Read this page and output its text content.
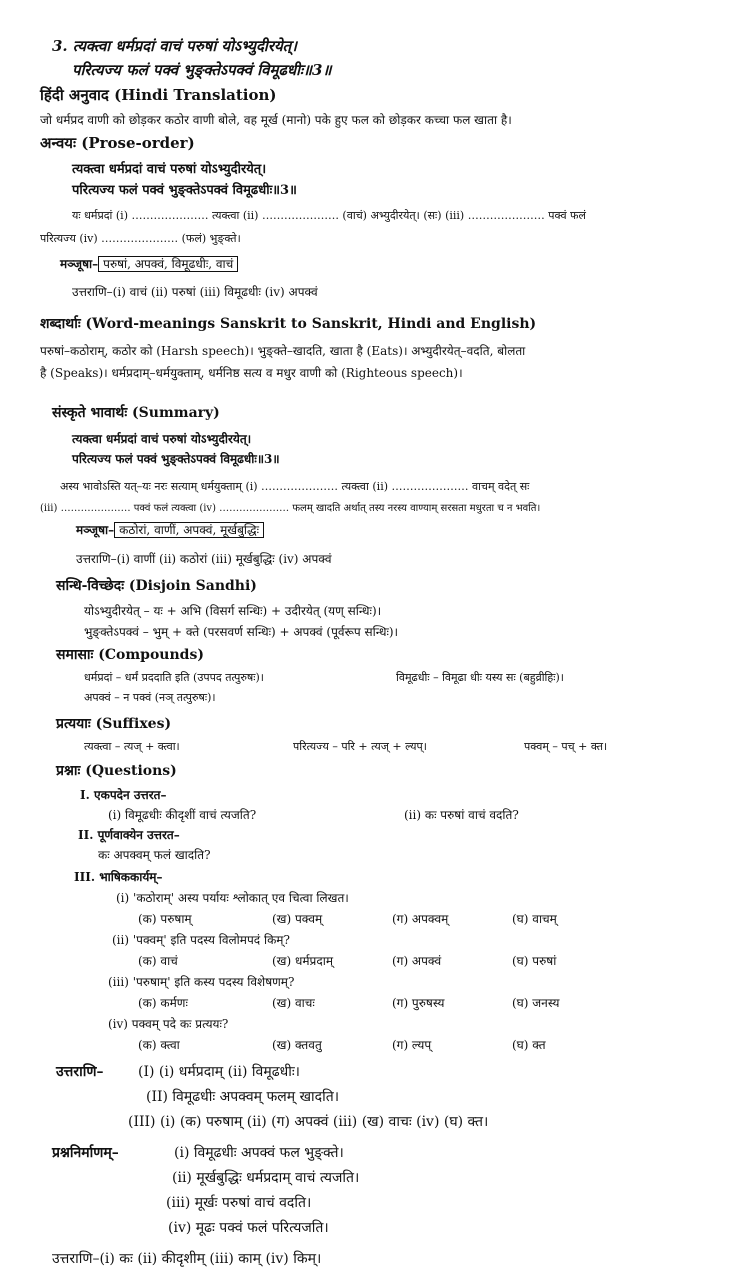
3. त्यक्त्वा धर्मप्रदां वाचं परुषां योऽभ्युदीरयेत्।
परित्यज्य फलं पक्वं भुङ्क्तेऽपक्वं विमूढधीः॥3॥
हिंदी अनुवाद (Hindi Translation)
जो धर्मप्रद वाणी को छोड़कर कठोर वाणी बोले, वह मूर्ख (मानो) पके हुए फल को छोड़कर कच्चा फल खाता है।
अन्वयः (Prose-order)
त्यक्त्वा धर्मप्रदां वाचं परुषां योऽभ्युदीरयेत्।
परित्यज्य फलं पक्वं भुङ्क्तेऽपक्वं विमूढधीः॥3॥
यः धर्मप्रदां (i) ………………… त्यक्त्वा (ii) ………………… (वाचं) अभ्युदीरयेत्। (सः) (iii) ………………… पक्वं फलं
परित्यज्य (iv) ………………… (फलं) भुङ्क्ते।
मञ्जूषा– परुषां, अपक्वं, विमूढधीः, वाचं
उत्तराणि–(i) वाचं (ii) परुषां (iii) विमूढधीः (iv) अपक्वं
शब्दार्थाः (Word-meanings Sanskrit to Sanskrit, Hindi and English)
परुषां–कठोराम्, कठोर को (Harsh speech)। भुङ्क्ते–खादति, खाता है (Eats)। अभ्युदीरयेत्–वदति, बोलता
है (Speaks)। धर्मप्रदाम्–धर्मयुक्ताम्, धर्मनिष्ठ सत्य व मधुर वाणी को (Righteous speech)।
संस्कृते भावार्थः (Summary)
त्यक्त्वा धर्मप्रदां वाचं परुषां योऽभ्युदीरयेत्।
परित्यज्य फलं पक्वं भुङ्क्तेऽपक्वं विमूढधीः॥3॥
अस्य भावोऽस्ति यत्–यः नरः सत्याम् धर्मयुक्ताम् (i) ………………… त्यक्त्वा (ii) ………………… वाचम् वदेत् सः
(iii) ………………… पक्वं फलं त्यक्त्वा (iv) ………………… फलम् खादति अर्थात् तस्य नरस्य वाण्याम् सरसता मधुरता च न भवति।
मञ्जूषा– कठोरां, वाणीं, अपक्वं, मूर्खबुद्धिः
उत्तराणि–(i) वाणीं (ii) कठोरां (iii) मूर्खबुद्धिः (iv) अपक्वं
सन्धि-विच्छेदः (Disjoin Sandhi)
योऽभ्युदीरयेत् – यः + अभि (विसर्ग सन्धिः) + उदीरयेत् (यण् सन्धिः)।
भुङ्क्तेऽपक्वं – भुम् + क्ते (परसवर्ण सन्धिः) + अपक्वं (पूर्वरूप सन्धिः)।
समासाः (Compounds)
धर्मप्रदां – धर्मं प्रददाति इति (उपपद तत्पुरुषः)।	विमूढधीः – विमूढा धीः यस्य सः (बहुव्रीहिः)।
अपक्वं – न पक्वं (नञ् तत्पुरुषः)।
प्रत्ययाः (Suffixes)
त्यक्त्वा – त्यज् + क्त्वा।	परित्यज्य – परि + त्यज् + ल्यप्।	पक्वम् – पच् + क्त।
प्रश्नाः (Questions)
I. एकपदेन उत्तरत–
(i) विमूढधीः कीदृशीं वाचं त्यजति?	(ii) कः परुषां वाचं वदति?
II. पूर्णवाक्येन उत्तरत–
कः अपक्वम् फलं खादति?
III. भाषिककार्यम्–
(i) 'कठोराम्' अस्य पर्यायः श्लोकात् एव चित्वा लिखत।
(क) परुषाम्	(ख) पक्वम्	(ग) अपक्वम्	(घ) वाचम्
(ii) 'पक्वम्' इति पदस्य विलोमपदं किम्?
(क) वाचं	(ख) धर्मप्रदाम्	(ग) अपक्वं	(घ) परुषां
(iii) 'परुषाम्' इति कस्य पदस्य विशेषणम्?
(क) कर्मणः	(ख) वाचः	(ग) पुरुषस्य	(घ) जनस्य
(iv) पक्वम् पदे कः प्रत्ययः?
(क) क्त्वा	(ख) क्तवतु	(ग) ल्यप्	(घ) क्त
उत्तराणि– (I) (i) धर्मप्रदाम् (ii) विमूढधीः।
(II) विमूढधीः अपक्वम् फलम् खादति।
(III) (i) (क) परुषाम् (ii) (ग) अपक्वं (iii) (ख) वाचः (iv) (घ) क्त।
प्रश्ननिर्माणम्–	(i) विमूढधीः अपक्वं फल भुङ्क्ते।
(ii) मूर्खबुद्धिः धर्मप्रदाम् वाचं त्यजति।
(iii) मूर्खः परुषां वाचं वदति।
(iv) मूढः पक्वं फलं परित्यजति।
उत्तराणि–(i) कः (ii) कीदृशीम् (iii) काम् (iv) किम्।
